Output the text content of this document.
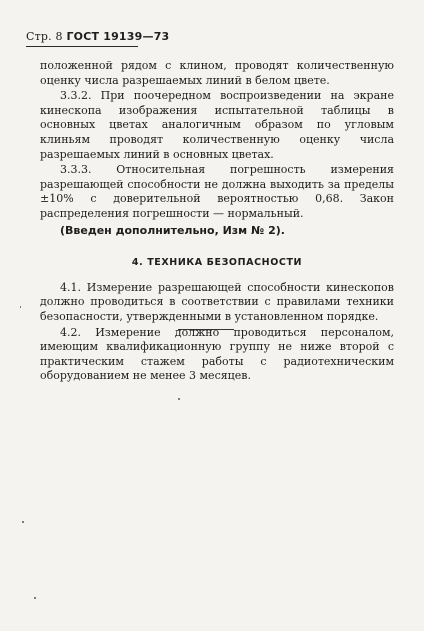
Стр. 8 ГОСТ 19139—73

положенной рядом с клином, проводят количественную оценку числа разрешаемых линий в белом цвете.

3.3.2. При поочередном воспроизведении на экране кинескопа изображения испытательной таблицы в основных цветах аналогичным образом по угловым клиньям проводят количественную оценку числа разрешаемых линий в основных цветах.

3.3.3. Относительная погрешность измерения разрешающей способности не должна выходить за пределы ±10% с доверительной вероятностью 0,68. Закон распределения погрешности — нормальный.

(Введен дополнительно, Изм № 2).

4. ТЕХНИКА БЕЗОПАСНОСТИ

4.1. Измерение разрешающей способности кинескопов должно проводиться в соответствии с правилами техники безопасности, утвержденными в установленном порядке.

4.2. Измерение должно проводиться персоналом, имеющим квалификационную группу не ниже второй с практическим стажем работы с радиотехническим оборудованием не менее 3 месяцев.
